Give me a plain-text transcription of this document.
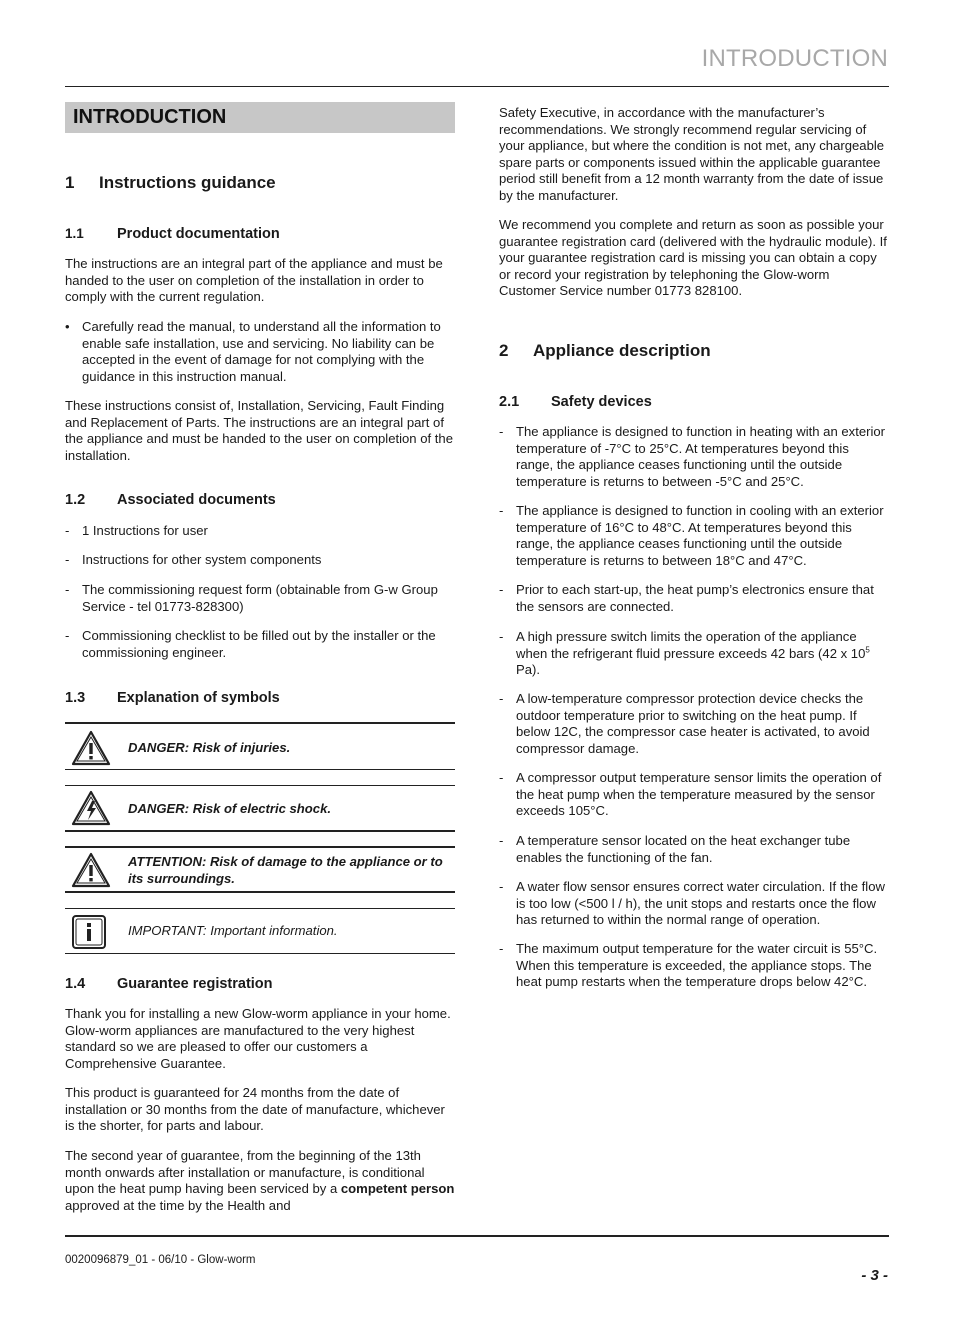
INTRODUCTION
INTRODUCTION
1 Instructions guidance
1.1 Product documentation

The instructions are an integral part of the appliance and must be handed to the user on completion of the installation in order to comply with the current regulation.

• Carefully read the manual, to understand all the information to enable safe installation, use and servicing. No liability can be accepted in the event of damage for not complying with the guidance in this instruction manual.

These instructions consist of, Installation, Servicing, Fault Finding and Replacement of Parts. The instructions are an integral part of the appliance and must be handed to the user on completion of the installation.

1.2 Associated documents
- 1 Instructions for user
- Instructions for other system components
- The commissioning request form (obtainable from G-w Group Service - tel 01773-828300)
- Commissioning checklist to be filled out by the installer or the commissioning engineer.
1.3 Explanation of symbols
DANGER: Risk of injuries.
DANGER: Risk of electric shock.
ATTENTION: Risk of damage to the appliance or to its surroundings.
IMPORTANT: Important information.
1.4 Guarantee registration

Thank you for installing a new Glow-worm appliance in your home. Glow-worm appliances are manufactured to the very highest standard so we are pleased to offer our customers a Comprehensive Guarantee.

This product is guaranteed for 24 months from the date of installation or 30 months from the date of manufacture, whichever is the shorter, for parts and labour.

The second year of guarantee, from the beginning of the 13th month onwards after installation or manufacture, is conditional upon the heat pump having been serviced by a competent person approved at the time by the Health and

Safety Executive, in accordance with the manufacturer’s recommendations. We strongly recommend regular servicing of your appliance, but where the condition is not met, any chargeable spare parts or components issued within the applicable guarantee period still benefit from a 12 month warranty from the date of issue by the manufacturer.

We recommend you complete and return as soon as possible your guarantee registration card (delivered with the hydraulic module). If your guarantee registration card is missing you can obtain a copy or record your registration by telephoning the Glow-worm Customer Service number 01773 828100.

2 Appliance description
2.1 Safety devices
- The appliance is designed to function in heating with an exterior temperature of -7°C to 25°C. At temperatures beyond this range, the appliance ceases functioning until the outside temperature is returns to between -5°C and 25°C.
- The appliance is designed to function in cooling with an exterior temperature of 16°C to 48°C. At temperatures beyond this range, the appliance ceases functioning until the outside temperature is returns to between 18°C and 47°C.
- Prior to each start-up, the heat pump’s electronics ensure that the sensors are connected.
- A high pressure switch limits the operation of the appliance when the refrigerant fluid pressure exceeds 42 bars (42 x $10^5$ Pa).
- A low-temperature compressor protection device checks the outdoor temperature prior to switching on the heat pump. If below 12C, the compressor case heater is activated, to avoid compressor damage.
- A compressor output temperature sensor limits the operation of the heat pump when the temperature measured by the sensor exceeds 105°C.
- A temperature sensor located on the heat exchanger tube enables the functioning of the fan.
- A water flow sensor ensures correct water circulation. If the flow is too low (<500 l / h), the unit stops and restarts once the flow has returned to within the normal range of operation.
- The maximum output temperature for the water circuit is 55°C. When this temperature is exceeded, the appliance stops. The heat pump restarts when the temperature drops below 42°C.
0020096879_01 - 06/10 - Glow-worm
- 3 -
